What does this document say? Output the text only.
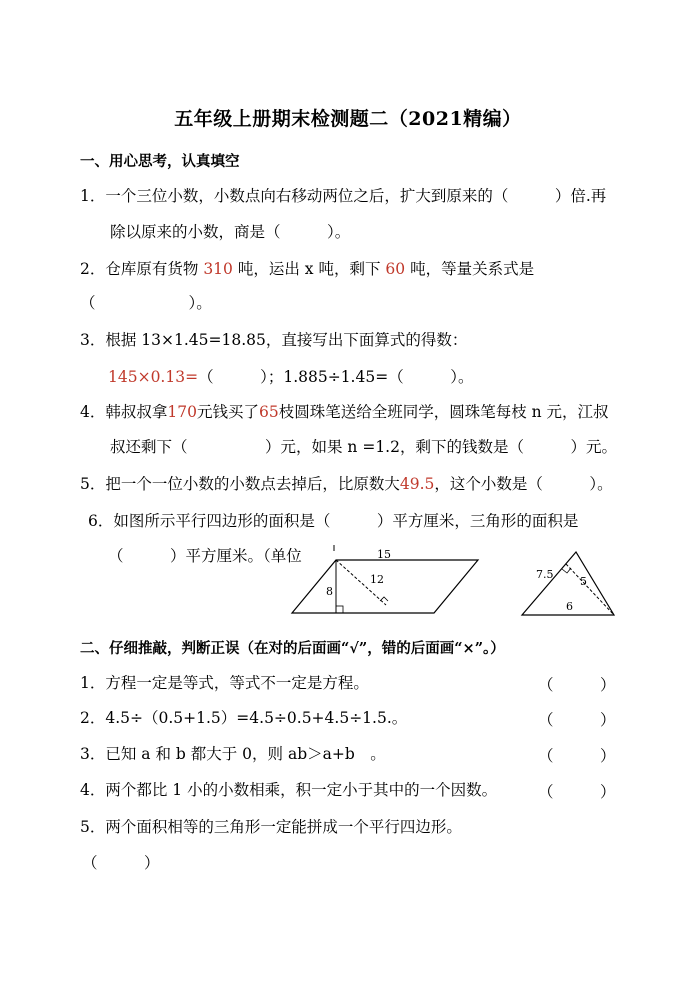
五年级上册期末检测题二（2021精编）
一、用心思考，认真填空
1．一个三位小数，小数点向右移动两位之后，扩大到原来的（　　　）倍.再
除以原来的小数，商是（　　　）。
2．仓库原有货物 310 吨，运出 x 吨，剩下 60 吨，等量关系式是
（　　　　　　）。
3．根据 13×1.45=18.85，直接写出下面算式的得数：
145×0.13=（　　　）；1.885÷1.45=（　　　）。
4．韩叔叔拿170元钱买了65枝圆珠笔送给全班同学，圆珠笔每枝 n 元，江叔
叔还剩下（　　　　　）元，如果 n =1.2，剩下的钱数是（　　　）元。
5．把一个一位小数的小数点去掉后，比原数大49.5，这个小数是（　　　）。
6．如图所示平行四边形的面积是（　　　）平方厘米，三角形的面积是
（　　　）平方厘米。（单位	15
12
8
7.5
5
6
二、仔细推敲，判断正误（在对的后面画“√”，错的后面画“×”。）
1．方程一定是等式，等式不一定是方程。	（　　　）
2．4.5÷（0.5+1.5）=4.5÷0.5+4.5÷1.5.。	（　　　）
3．已知 a 和 b 都大于 0，则 ab＞a+b　。	（　　　）
4．两个都比 1 小的小数相乘，积一定小于其中的一个因数。	（　　　）
5．两个面积相等的三角形一定能拼成一个平行四边形。
（　　　）
